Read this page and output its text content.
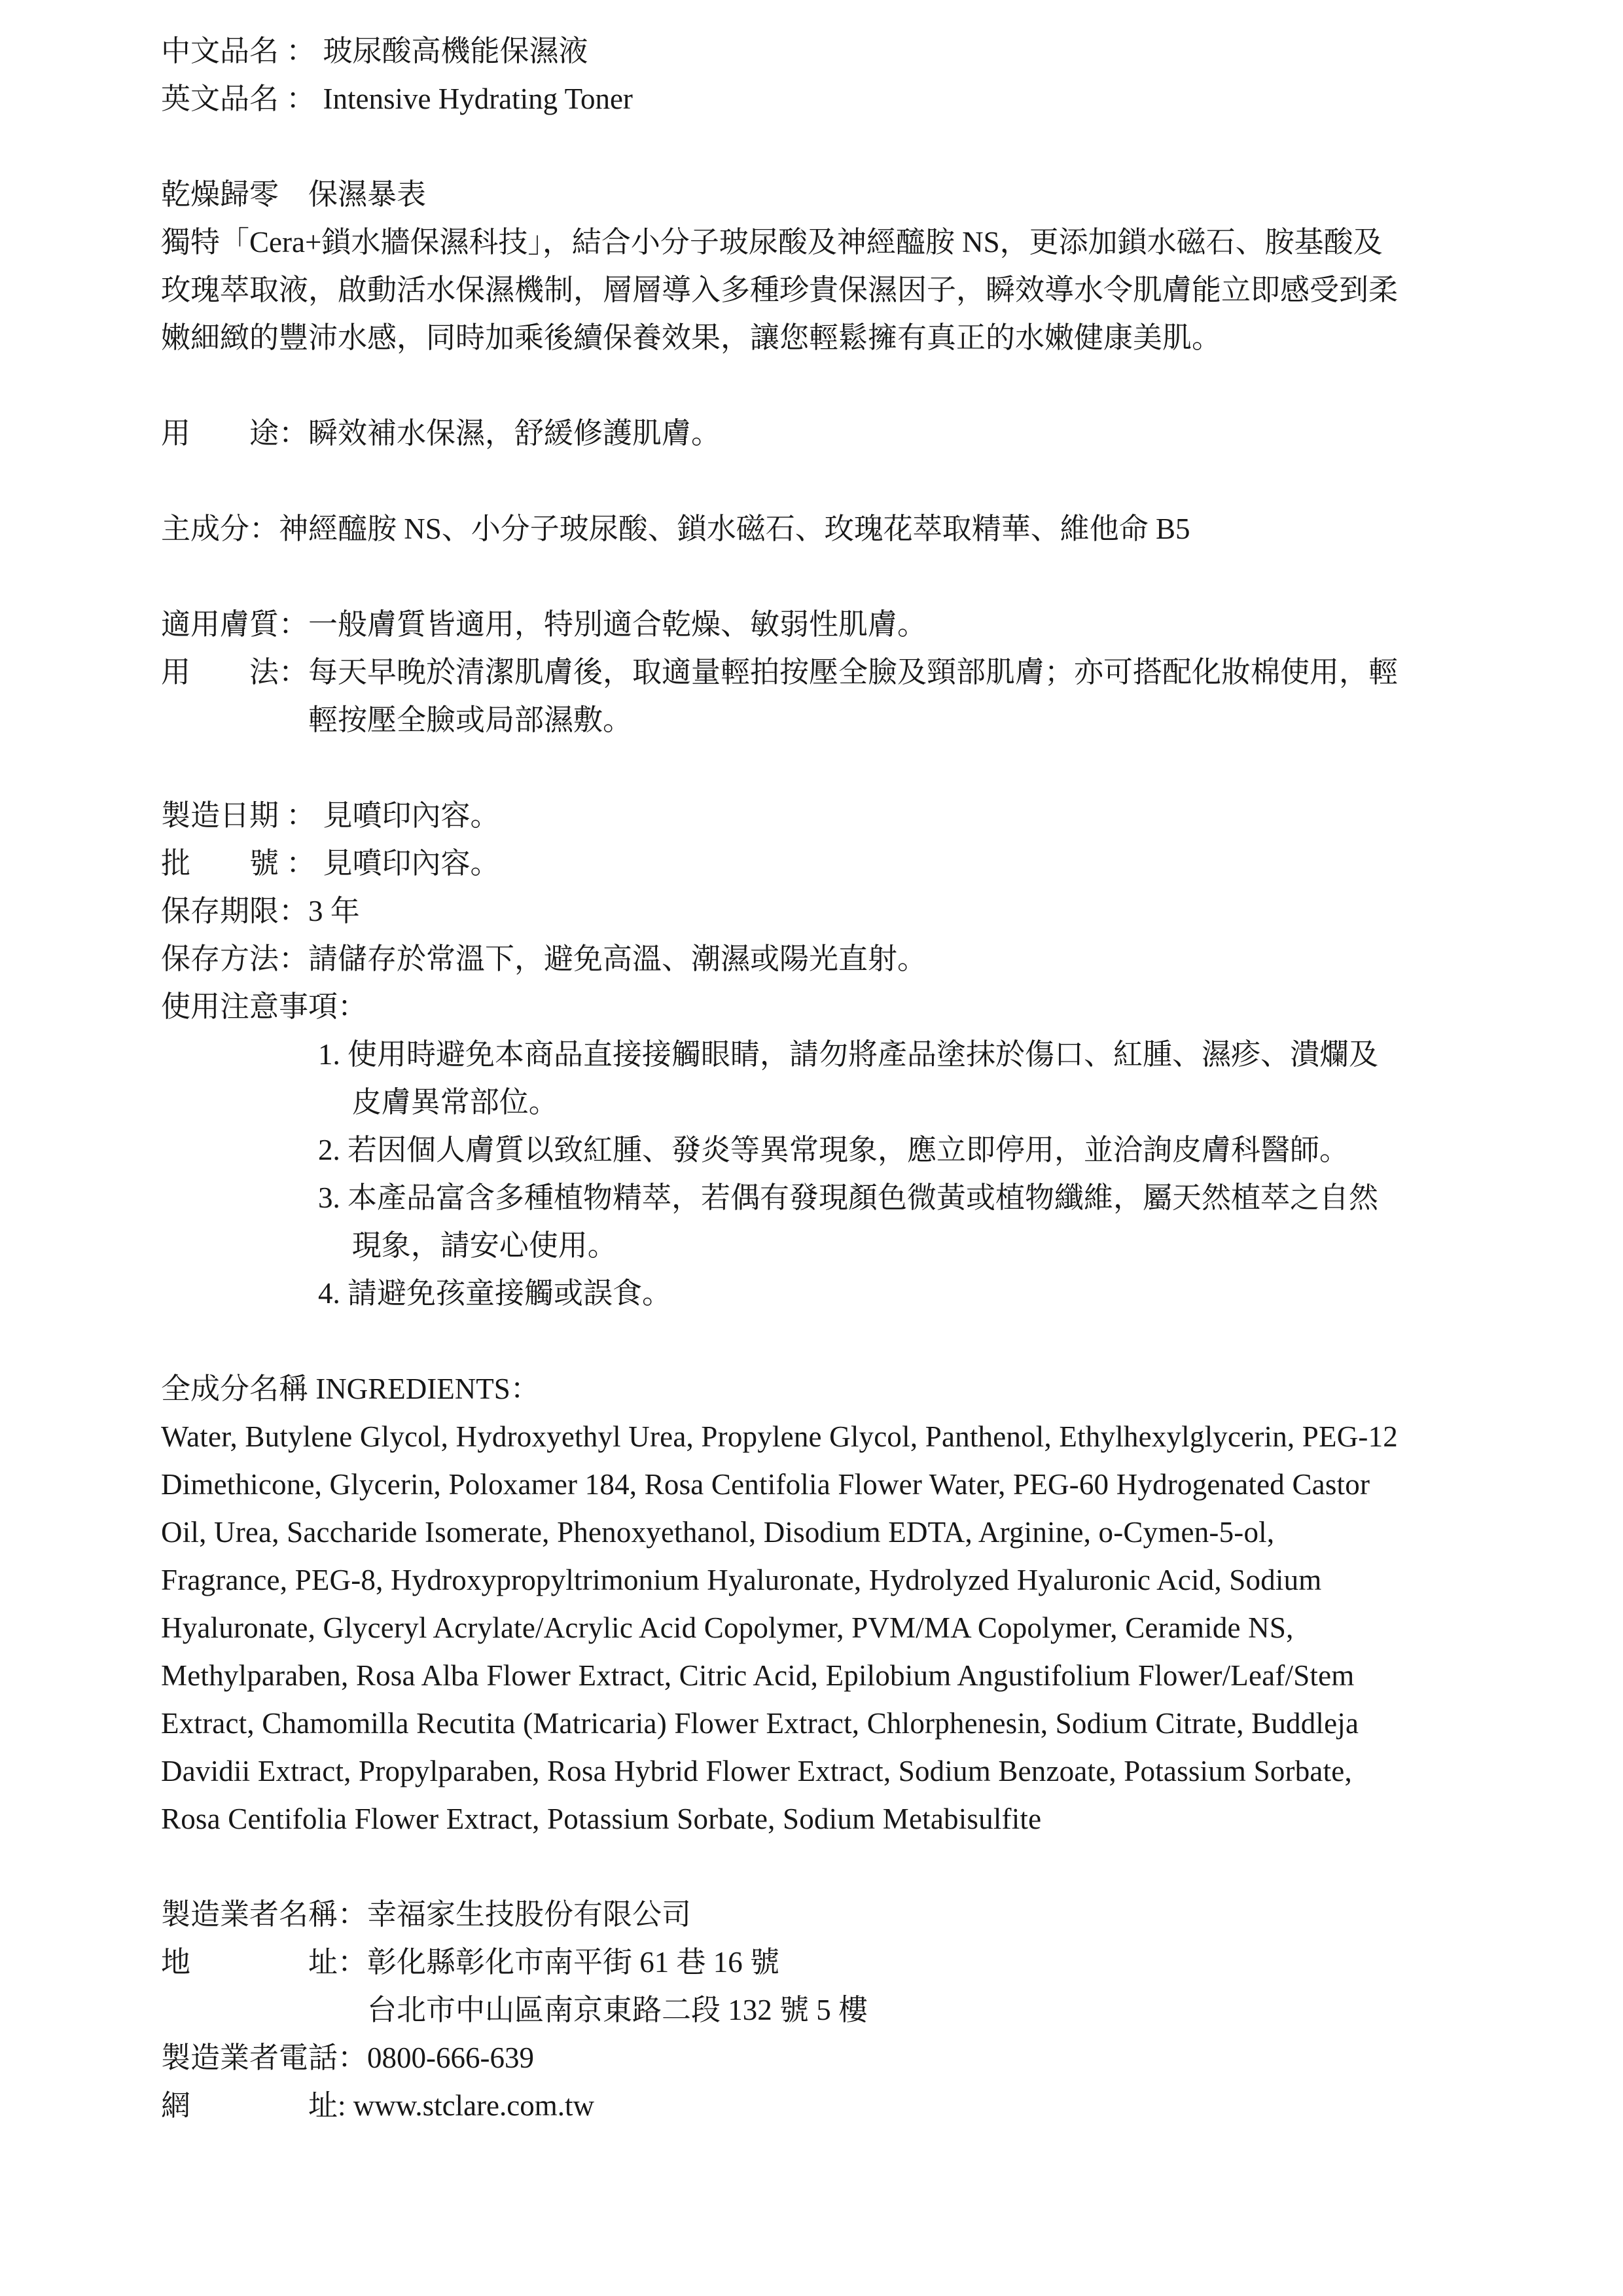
中文品名 ： 玻尿酸高機能保濕液
英文品名 ： Intensive Hydrating Toner
乾燥歸零　保濕暴表
獨特「Cera+鎖水牆保濕科技」，結合小分子玻尿酸及神經醯胺 NS，更添加鎖水磁石、胺基酸及玫瑰萃取液，啟動活水保濕機制，層層導入多種珍貴保濕因子，瞬效導水令肌膚能立即感受到柔嫩細緻的豐沛水感，同時加乘後續保養效果，讓您輕鬆擁有真正的水嫩健康美肌。
用　　途：瞬效補水保濕，舒緩修護肌膚。
主成分：神經醯胺 NS、小分子玻尿酸、鎖水磁石、玫瑰花萃取精華、維他命 B5
適用膚質：一般膚質皆適用，特別適合乾燥、敏弱性肌膚。
用　　法：每天早晚於清潔肌膚後，取適量輕拍按壓全臉及頸部肌膚；亦可搭配化妝棉使用，輕輕按壓全臉或局部濕敷。
製造日期 ： 見噴印內容。
批　　號 ： 見噴印內容。
保存期限：3 年
保存方法：請儲存於常溫下，避免高溫、潮濕或陽光直射。
使用注意事項：
1. 使用時避免本商品直接接觸眼睛，請勿將產品塗抹於傷口、紅腫、濕疹、潰爛及皮膚異常部位。
2. 若因個人膚質以致紅腫、發炎等異常現象，應立即停用，並洽詢皮膚科醫師。
3. 本產品富含多種植物精萃，若偶有發現顏色微黃或植物纖維，屬天然植萃之自然現象，請安心使用。
4. 請避免孩童接觸或誤食。
全成分名稱 INGREDIENTS：
Water, Butylene Glycol, Hydroxyethyl Urea, Propylene Glycol, Panthenol, Ethylhexylglycerin, PEG-12 Dimethicone, Glycerin, Poloxamer 184, Rosa Centifolia Flower Water, PEG-60 Hydrogenated Castor Oil, Urea, Saccharide Isomerate, Phenoxyethanol, Disodium EDTA, Arginine, o-Cymen-5-ol, Fragrance, PEG-8, Hydroxypropyltrimonium Hyaluronate, Hydrolyzed Hyaluronic Acid, Sodium Hyaluronate, Glyceryl Acrylate/Acrylic Acid Copolymer, PVM/MA Copolymer, Ceramide NS, Methylparaben, Rosa Alba Flower Extract, Citric Acid, Epilobium Angustifolium Flower/Leaf/Stem Extract, Chamomilla Recutita (Matricaria) Flower Extract, Chlorphenesin, Sodium Citrate, Buddleja Davidii Extract, Propylparaben, Rosa Hybrid Flower Extract, Sodium Benzoate, Potassium Sorbate, Rosa Centifolia Flower Extract, Potassium Sorbate, Sodium Metabisulfite
製造業者名稱：幸福家生技股份有限公司
地　　　　址：彰化縣彰化市南平街 61 巷 16 號
台北市中山區南京東路二段 132 號 5 樓
製造業者電話：0800-666-639
網　　　　址: www.stclare.com.tw
